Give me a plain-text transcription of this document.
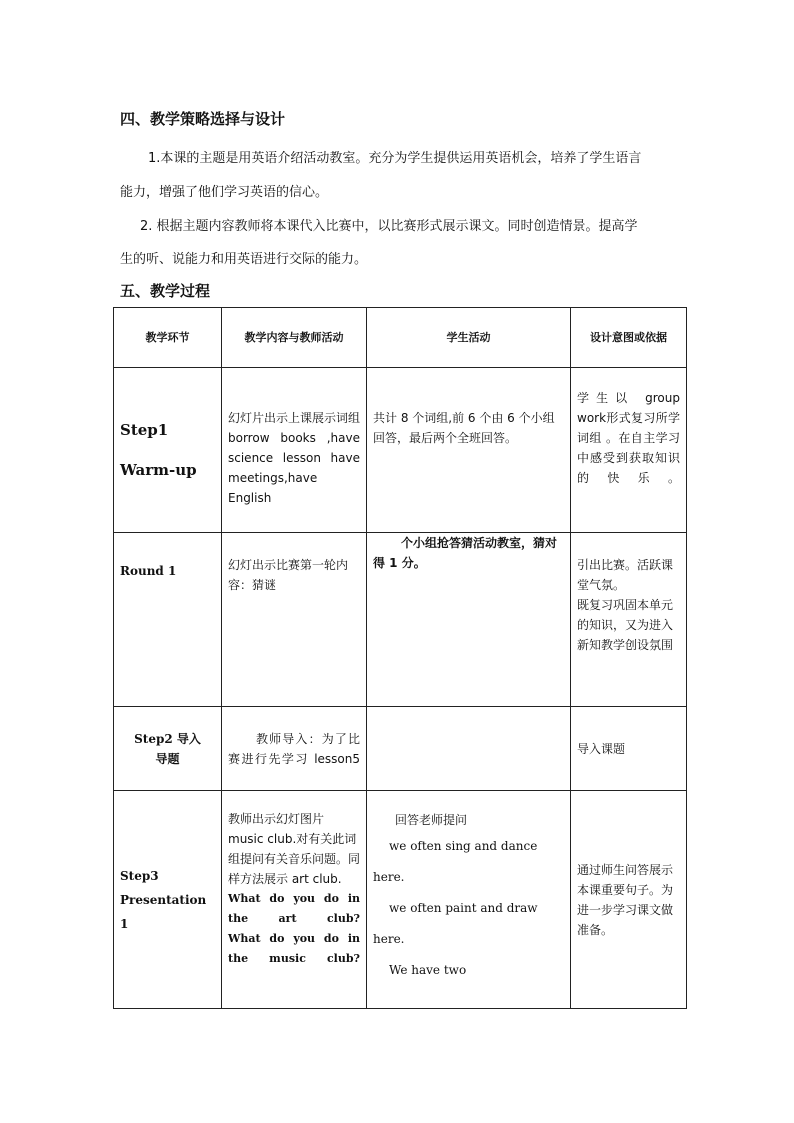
四、教学策略选择与设计
1.本课的主题是用英语介绍活动教室。充分为学生提供运用英语机会，培养了学生语言
能力，增强了他们学习英语的信心。
2. 根据主题内容教师将本课代入比赛中，以比赛形式展示课文。同时创造情景。提高学
生的听、说能力和用英语进行交际的能力。
五、教学过程
教学环节	教学内容与教师活动	学生活动	设计意图或依据

Step1
Warm-up	幻灯片出示上课展示词组 borrow books ,have science lesson have meetings,have English	共计 8 个词组,前 6 个由 6 个小组回答，最后两个全班回答。	学生以 group work形式复习所学词组 。在自主学习中感受到获取知识的快乐。
Round 1	幻灯出示比赛第一轮内容：猜谜	个小组抢答猜活动教室，猜对得 1 分。	引出比赛。活跃课堂气氛。
既复习巩固本单元的知识，又为进入新知教学创设氛围

Step2 导入
导题	教师导入：为了比赛进行先学习 lesson5		导入课题

Step3
Presentation
1	教师出示幻灯图片 music club.对有关此词组提问有关音乐问题。同样方法展示 art club.
What do you do in the art club?
What do you do in the music club?	回答老师提问
we often sing and dance here.
we often paint and draw here.
We have two	通过师生问答展示本课重要句子。为进一步学习课文做准备。
